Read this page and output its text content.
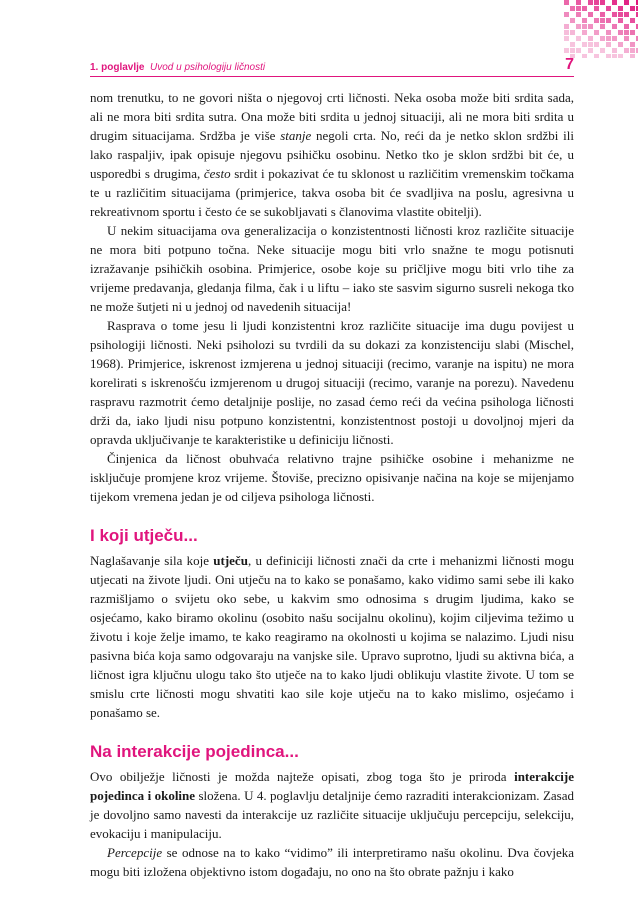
1. poglavlje Uvod u psihologiju ličnosti	7

nom trenutku, to ne govori ništa o njegovoj crti ličnosti. Neka osoba može biti srdita sada, ali ne mora biti srdita sutra. Ona može biti srdita u jednoj situaciji, ali ne mora biti srdita u drugim situacijama. Srdžba je više stanje negoli crta. No, reći da je netko sklon srdžbi ili lako raspaljiv, ipak opisuje njegovu psihičku osobinu. Netko tko je sklon srdžbi bit će, u usporedbi s drugima, često srdit i pokazivat će tu sklonost u različitim vremenskim točkama te u različitim situacijama (primjerice, takva osoba bit će svadljiva na poslu, agresivna u rekreativnom sportu i često će se sukobljavati s članovima vlastite obitelji).

U nekim situacijama ova generalizacija o konzistentnosti ličnosti kroz različite situacije ne mora biti potpuno točna. Neke situacije mogu biti vrlo snažne te mogu potisnuti izražavanje psihičkih osobina. Primjerice, osobe koje su pričljive mogu biti vrlo tihe za vrijeme predavanja, gledanja filma, čak i u liftu – iako ste sasvim sigurno susreli nekoga tko ne može šutjeti ni u jednoj od navedenih situacija!

Rasprava o tome jesu li ljudi konzistentni kroz različite situacije ima dugu povijest u psihologiji ličnosti. Neki psiholozi su tvrdili da su dokazi za konzistenciju slabi (Mischel, 1968). Primjerice, iskrenost izmjerena u jednoj situaciji (recimo, varanje na ispitu) ne mora korelirati s iskrenošću izmjerenom u drugoj situaciji (recimo, varanje na porezu). Navedenu raspravu razmotrit ćemo detaljnije poslije, no zasad ćemo reći da većina psihologa ličnosti drži da, iako ljudi nisu potpuno konzistentni, konzistentnost postoji u dovoljnoj mjeri da opravda uključivanje te karakteristike u definiciju ličnosti.

Činjenica da ličnost obuhvaća relativno trajne psihičke osobine i mehanizme ne isključuje promjene kroz vrijeme. Štoviše, precizno opisivanje načina na koje se mijenjamo tijekom vremena jedan je od ciljeva psihologa ličnosti.

I koji utječu...

Naglašavanje sila koje utječu, u definiciji ličnosti znači da crte i mehanizmi ličnosti mogu utjecati na živote ljudi. Oni utječu na to kako se ponašamo, kako vidimo sami sebe ili kako razmišljamo o svijetu oko sebe, u kakvim smo odnosima s drugim ljudima, kako se osjećamo, kako biramo okolinu (osobito našu socijalnu okolinu), kojim ciljevima težimo u životu i koje želje imamo, te kako reagiramo na okolnosti u kojima se nalazimo. Ljudi nisu pasivna bića koja samo odgovaraju na vanjske sile. Upravo suprotno, ljudi su aktivna bića, a ličnost igra ključnu ulogu tako što utječe na to kako ljudi oblikuju vlastite živote. U tom se smislu crte ličnosti mogu shvatiti kao sile koje utječu na to kako mislimo, osjećamo i ponašamo se.

Na interakcije pojedinca...

Ovo obilježje ličnosti je možda najteže opisati, zbog toga što je priroda interakcije pojedinca i okoline složena. U 4. poglavlju detaljnije ćemo razraditi interakcionizam. Zasad je dovoljno samo navesti da interakcije uz različite situacije uključuju percepciju, selekciju, evokaciju i manipulaciju.

Percepcije se odnose na to kako “vidimo” ili interpretiramo našu okolinu. Dva čovjeka mogu biti izložena objektivno istom događaju, no ono na što obrate pažnju i kako
